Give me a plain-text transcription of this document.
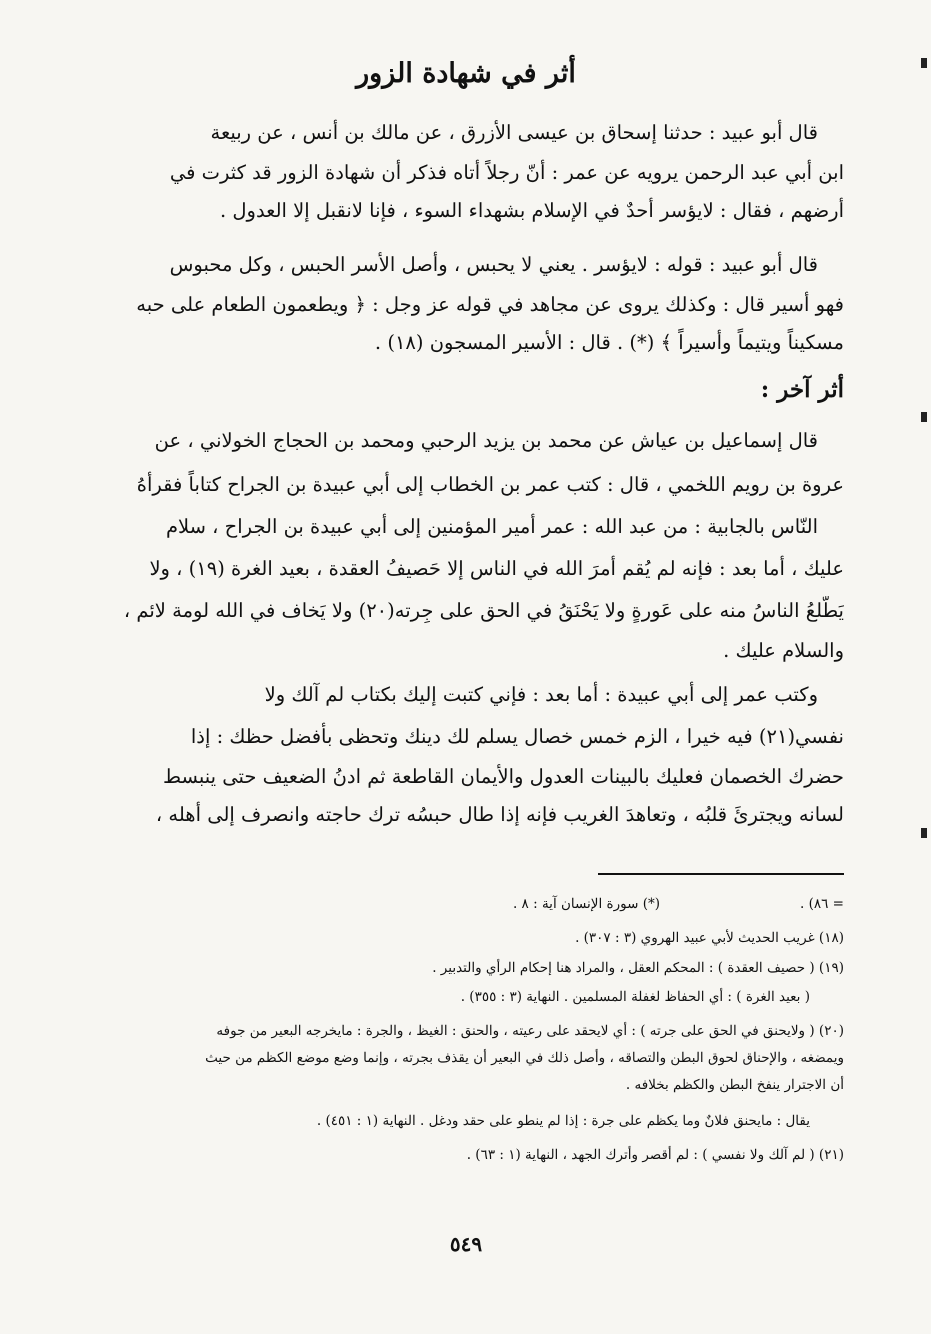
أثر في شهادة الزور
قال أبو عبيد : حدثنا إسحاق بن عيسى الأزرق ، عن مالك بن أنس ، عن ربيعة
ابن أبي عبد الرحمن يرويه عن عمر : أنّ رجلاً أتاه فذكر أن شهادة الزور قد كثرت في
أرضهم ، فقال : لايؤسر أحدٌ في الإسلام بشهداء السوء ، فإنا لانقبل إلا العدول .
قال أبو عبيد : قوله : لايؤسر . يعني لا يحبس ، وأصل الأسر الحبس ، وكل محبوس
فهو أسير قال : وكذلك يروى عن مجاهد في قوله عز وجل : ﴿ ويطعمون الطعام على حبه
مسكيناً ويتيماً وأسيراً ﴾ (*) . قال : الأسير المسجون (١٨) .
أثر آخر :
قال إسماعيل بن عياش عن محمد بن يزيد الرحبي ومحمد بن الحجاج الخولاني ، عن
عروة بن رويم اللخمي ، قال : كتب عمر بن الخطاب إلى أبي عبيدة بن الجراح كتاباً فقرأهُ
النّاس بالجابية : من عبد الله : عمر أمير المؤمنين إلى أبي عبيدة بن الجراح ، سلام
عليك ، أما بعد : فإنه لم يُقم أمرَ الله في الناس إلا حَصيفُ العقدة ، بعيد الغرة (١٩) ، ولا
يَطّلعُ الناسُ منه على عَورةٍ ولا يَحْنَقُ في الحق على جِرته(٢٠) ولا يَخاف في الله لومة لائم ،
والسلام عليك .
وكتب عمر إلى أبي عبيدة : أما بعد : فإني كتبت إليك بكتاب لم آلك ولا
نفسي(٢١) فيه خيرا ، الزم خمس خصال يسلم لك دينك وتحظى بأفضل حظك : إذا
حضرك الخصمان فعليك بالبينات العدول والأيمان القاطعة ثم ادنُ الضعيف حتى ينبسط
لسانه ويجترئَ قلبُه ، وتعاهدَ الغريب فإنه إذا طال حبسُه ترك حاجته وانصرف إلى أهله ،
= ٨٦) .
(*) سورة الإنسان آية : ٨ .
(١٨) غريب الحديث لأبي عبيد الهروي (٣ : ٣٠٧) .
(١٩) ( حصيف العقدة ) : المحكم العقل ، والمراد هنا إحكام الرأي والتدبير .
( بعيد الغرة ) : أي الحفاظ لغفلة المسلمين . النهاية (٣ : ٣٥٥) .
(٢٠) ( ولايحنق في الحق على جرته ) : أي لايحقد على رعيته ، والحنق : الغيظ ، والجرة : مايخرجه البعير من جوفه
ويمضغه ، والإحناق لحوق البطن والتصاقه ، وأصل ذلك في البعير أن يقذف بجرته ، وإنما وضع موضع الكظم من حيث
أن الاجترار ينفخ البطن والكظم بخلافه .
يقال : مايحنق فلانٌ وما يكظم على جرة : إذا لم ينطو على حقد ودغل . النهاية (١ : ٤٥١) .
(٢١) ( لم آلك ولا نفسي ) : لم أقصر وأترك الجهد ، النهاية (١ : ٦٣) .
٥٤٩
